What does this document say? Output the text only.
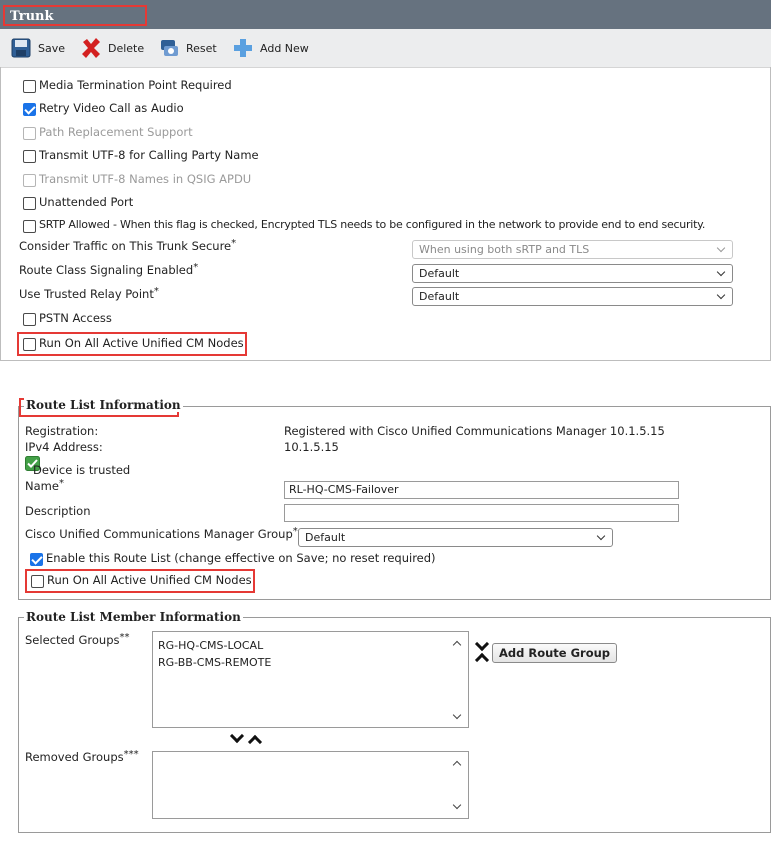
Trunk
Save	Delete	Reset	Add New
Media Termination Point Required
Retry Video Call as Audio
Path Replacement Support
Transmit UTF-8 for Calling Party Name
Transmit UTF-8 Names in QSIG APDU
Unattended Port
SRTP Allowed - When this flag is checked, Encrypted TLS needs to be configured in the network to provide end to end security.
Consider Traffic on This Trunk Secure*	When using both sRTP and TLS
Route Class Signaling Enabled*	Default
Use Trusted Relay Point*	Default
PSTN Access
Run On All Active Unified CM Nodes
Route List Information
Registration:	Registered with Cisco Unified Communications Manager 10.1.5.15
IPv4 Address:	10.1.5.15
Device is trusted
Name*	RL-HQ-CMS-Failover
Description
Cisco Unified Communications Manager Group* Default
Enable this Route List (change effective on Save; no reset required)
Run On All Active Unified CM Nodes
Route List Member Information
Selected Groups**
RG-HQ-CMS-LOCAL
RG-BB-CMS-REMOTE
Add Route Group
Removed Groups***
